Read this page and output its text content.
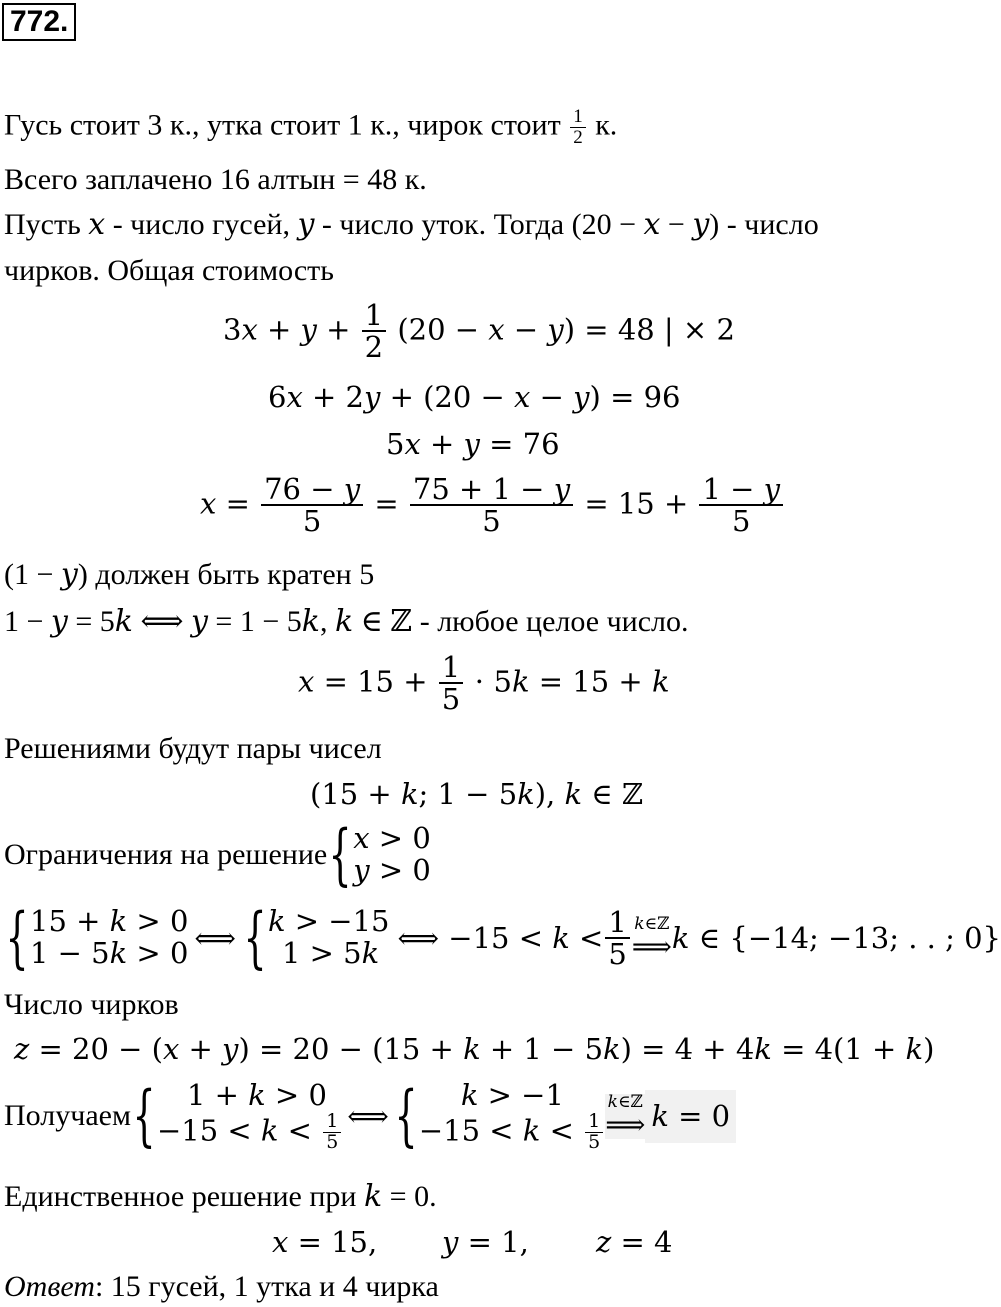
772.
Гусь стоит 3 к., утка стоит 1 к., чирок стоит $\frac{1}{2} к$.
Всего заплачено 16 алтын = 48 к.
Пусть 𝑥 - число гусей, 𝑦 - число уток. Тогда (20 − 𝑥 − 𝑦) - число
чирков. Общая стоимость
3𝑥 + 𝑦 + $\frac{1}{2} (20$ − 𝑥 − 𝑦) = 48 | × 2
6𝑥 + 2𝑦 + (20 − 𝑥 − 𝑦) = 96
5𝑥 + 𝑦 = 76
𝑥 = $\frac{\text{76 − 𝑦}}{5} = \frac{\text{75 + 1 − 𝑦}}{5} = 15 + \frac{\text{1 − 𝑦}}{5}$
(1 − 𝑦) должен быть кратен 5
1 − 𝑦 = 5𝑘 ⟺ 𝑦 = 1 − 5𝑘, 𝑘 ∈ ℤ - любое целое число.
𝑥 = $15 + \frac{1}{5}$ ⋅ 5𝑘 = 15 + 𝑘
Решениями будут пары чисел
(15 + 𝑘; 1 − 5𝑘), 𝑘 ∈ ℤ
Ограничения на решение { 𝑥 > 0
𝑦 > 0
{ 15 + 𝑘 > 0
1 − 5𝑘 > 0 ⟺ { 𝑘 > −15
1 > 5𝑘 ⟺ −15 < 𝑘 < $\frac{1}{5}$ 𝑘∈ℤ
⟹ 𝑘 ∈ {−14; −13; . . ; 0}
Число чирков
𝑧 = 20 − (𝑥 + 𝑦) = 20 − (15 + 𝑘 + 1 − 5𝑘) = 4 + 4𝑘 = 4(1 + 𝑘)
Получаем {	1 + 𝑘 > 0
−15 < 𝑘 < $\frac{1}{5}$ ⟺ {	𝑘 > −1
−15 < 𝑘 < $\frac{1}{5}$
𝑘∈ℤ
⟹ 𝑘 = 0
Единственное решение при 𝑘 = 0.
𝑥 = 15, 𝑦 = 1, 𝑧 = 4
Ответ: 15 гусей, 1 утка и 4 чирка
